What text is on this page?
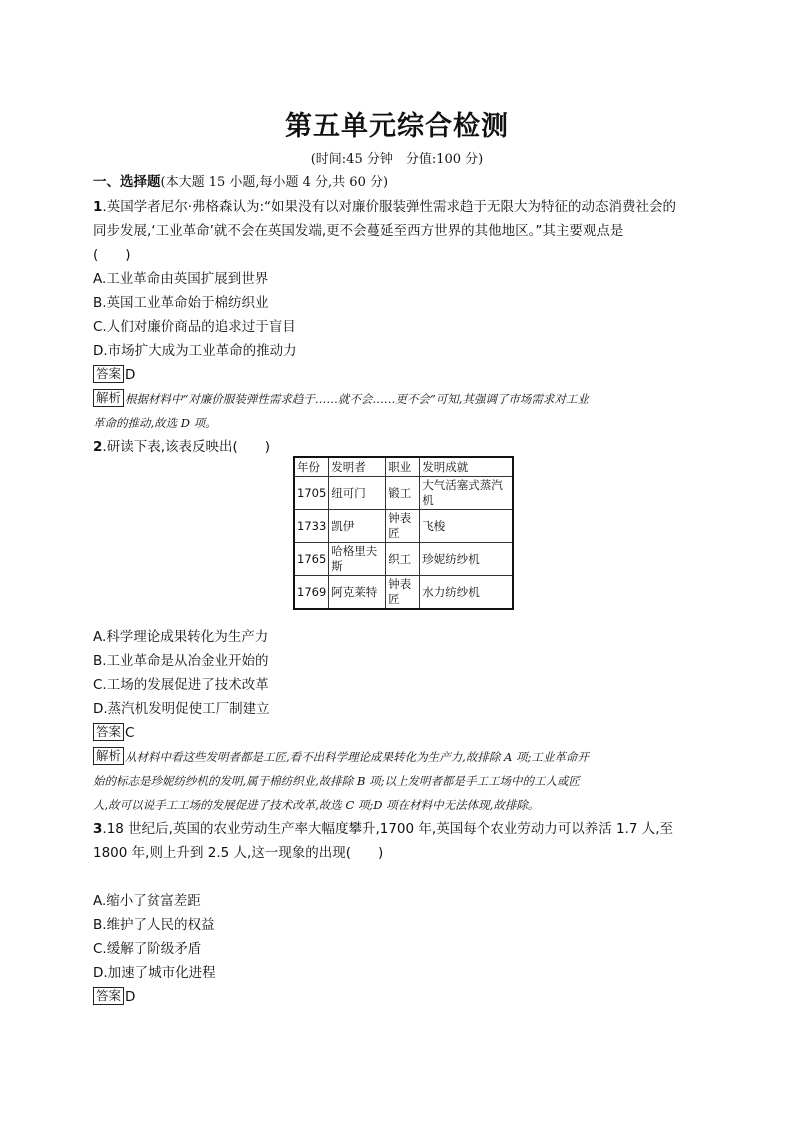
第五单元综合检测
(时间:45 分钟　分值:100 分)
一、选择题(本大题 15 小题,每小题 4 分,共 60 分)
1.英国学者尼尔·弗格森认为:“如果没有以对廉价服装弹性需求趋于无限大为特征的动态消费社会的
同步发展,‘工业革命’就不会在英国发端,更不会蔓延至西方世界的其他地区。”其主要观点是
(　　)
A.工业革命由英国扩展到世界
B.英国工业革命始于棉纺织业
C.人们对廉价商品的追求过于盲目
D.市场扩大成为工业革命的推动力
答案 D
解析 根据材料中“对廉价服装弹性需求趋于……就不会……更不会”可知,其强调了市场需求对工业
革命的推动,故选 D 项。
2.研读下表,该表反映出(　　)
A.科学理论成果转化为生产力
B.工业革命是从冶金业开始的
C.工场的发展促进了技术改革
D.蒸汽机发明促使工厂制建立
答案 C
解析 从材料中看这些发明者都是工匠,看不出科学理论成果转化为生产力,故排除 A 项;工业革命开
始的标志是珍妮纺纱机的发明,属于棉纺织业,故排除 B 项;以上发明者都是手工工场中的工人或匠
人,故可以说手工工场的发展促进了技术改革,故选 C 项;D 项在材料中无法体现,故排除。
3.18 世纪后,英国的农业劳动生产率大幅度攀升,1700 年,英国每个农业劳动力可以养活 1.7 人,至
1800 年,则上升到 2.5 人,这一现象的出现(　　)
A.缩小了贫富差距
B.维护了人民的权益
C.缓解了阶级矛盾
D.加速了城市化进程
答案 D
年份	发明者	职业	发明成就
1705	纽可门	锻工	大气活塞式蒸汽机
1733	凯伊	钟表匠	飞梭
1765	哈格里夫斯	织工	珍妮纺纱机
1769	阿克莱特	钟表匠	水力纺纱机
